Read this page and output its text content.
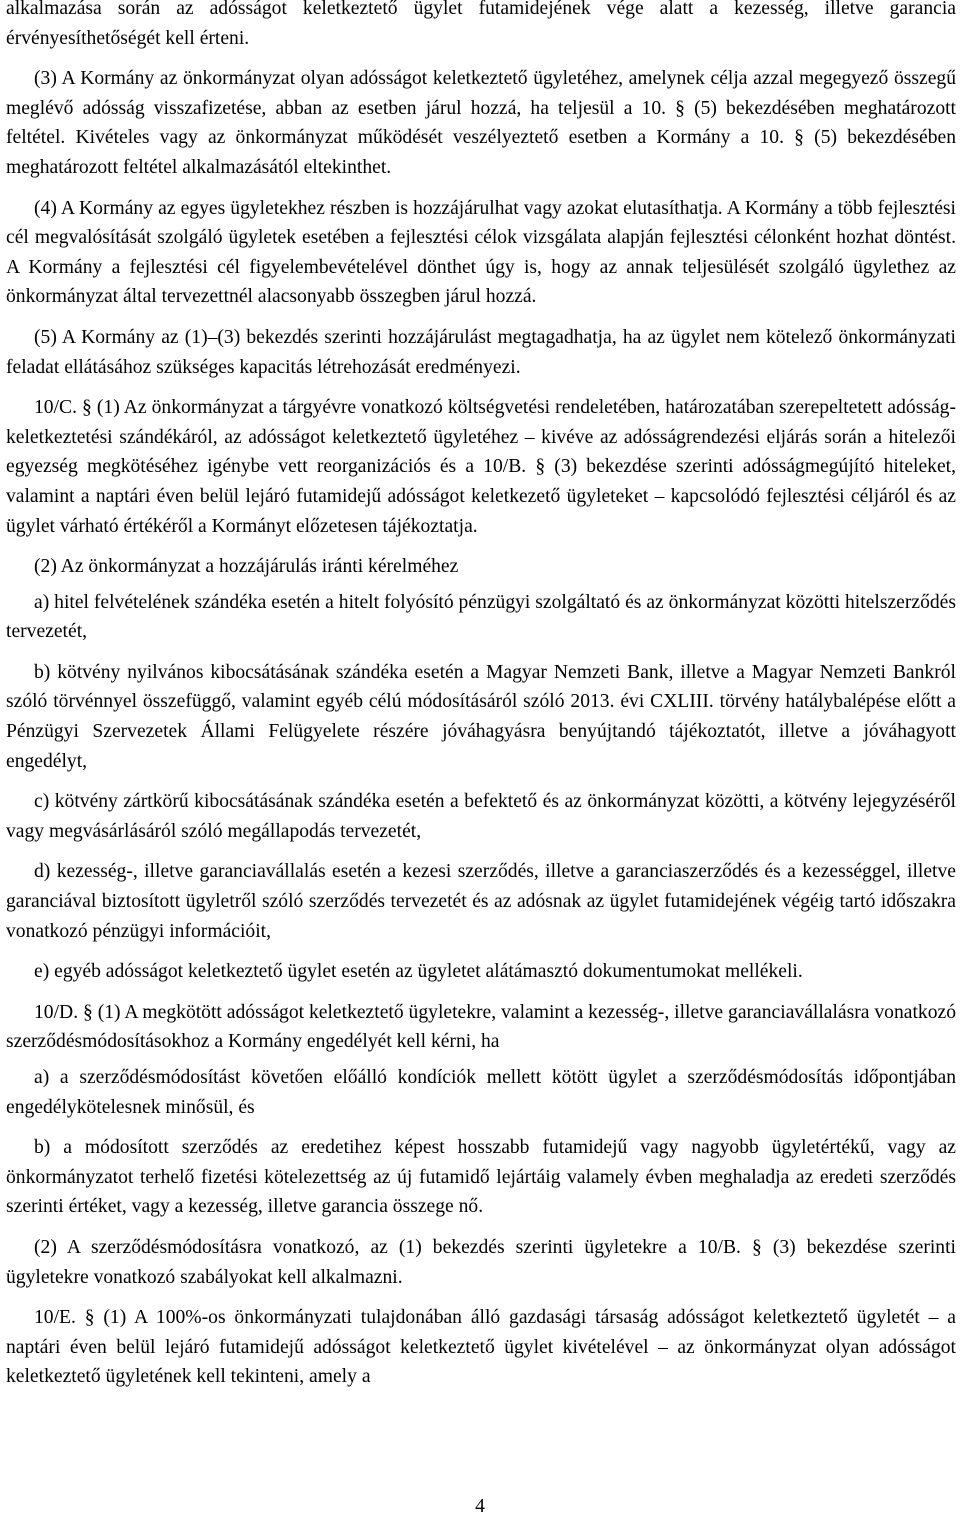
alkalmazása során az adósságot keletkeztető ügylet futamidejének vége alatt a kezesség, illetve garancia érvényesíthetőségét kell érteni.

(3) A Kormány az önkormányzat olyan adósságot keletkeztető ügyletéhez, amelynek célja azzal megegyező összegű meglévő adósság visszafizetése, abban az esetben járul hozzá, ha teljesül a 10. § (5) bekezdésében meghatározott feltétel. Kivételes vagy az önkormányzat működését veszélyeztető esetben a Kormány a 10. § (5) bekezdésében meghatározott feltétel alkalmazásától eltekinthet.

(4) A Kormány az egyes ügyletekhez részben is hozzájárulhat vagy azokat elutasíthatja. A Kormány a több fejlesztési cél megvalósítását szolgáló ügyletek esetében a fejlesztési célok vizsgálata alapján fejlesztési célonként hozhat döntést. A Kormány a fejlesztési cél figyelembevételével dönthet úgy is, hogy az annak teljesülését szolgáló ügylethez az önkormányzat által tervezettnél alacsonyabb összegben járul hozzá.

(5) A Kormány az (1)–(3) bekezdés szerinti hozzájárulást megtagadhatja, ha az ügylet nem kötelező önkormányzati feladat ellátásához szükséges kapacitás létrehozását eredményezi.

10/C. § (1) Az önkormányzat a tárgyévre vonatkozó költségvetési rendeletében, határozatában szerepeltetett adósság-keletkeztetési szándékáról, az adósságot keletkeztető ügyletéhez – kivéve az adósságrendezési eljárás során a hitelezői egyezség megkötéséhez igénybe vett reorganizációs és a 10/B. § (3) bekezdése szerinti adósságmegújító hiteleket, valamint a naptári éven belül lejáró futamidejű adósságot keletkezető ügyleteket – kapcsolódó fejlesztési céljáról és az ügylet várható értékéről a Kormányt előzetesen tájékoztatja.

(2) Az önkormányzat a hozzájárulás iránti kérelméhez

a) hitel felvételének szándéka esetén a hitelt folyósító pénzügyi szolgáltató és az önkormányzat közötti hitelszerződés tervezetét,

b) kötvény nyilvános kibocsátásának szándéka esetén a Magyar Nemzeti Bank, illetve a Magyar Nemzeti Bankról szóló törvénnyel összefüggő, valamint egyéb célú módosításáról szóló 2013. évi CXLIII. törvény hatálybalépése előtt a Pénzügyi Szervezetek Állami Felügyelete részére jóváhagyásra benyújtandó tájékoztatót, illetve a jóváhagyott engedélyt,

c) kötvény zártkörű kibocsátásának szándéka esetén a befektető és az önkormányzat közötti, a kötvény lejegyzéséről vagy megvásárlásáról szóló megállapodás tervezetét,

d) kezesség-, illetve garanciavállalás esetén a kezesi szerződés, illetve a garanciaszerződés és a kezességgel, illetve garanciával biztosított ügyletről szóló szerződés tervezetét és az adósnak az ügylet futamidejének végéig tartó időszakra vonatkozó pénzügyi információit,

e) egyéb adósságot keletkeztető ügylet esetén az ügyletet alátámasztó dokumentumokat mellékeli.

10/D. § (1) A megkötött adósságot keletkeztető ügyletekre, valamint a kezesség-, illetve garanciavállalásra vonatkozó szerződésmódosításokhoz a Kormány engedélyét kell kérni, ha

a) a szerződésmódosítást követően előálló kondíciók mellett kötött ügylet a szerződésmódosítás időpontjában engedélykötelesnek minősül, és

b) a módosított szerződés az eredetihez képest hosszabb futamidejű vagy nagyobb ügyletértékű, vagy az önkormányzatot terhelő fizetési kötelezettség az új futamidő lejártáig valamely évben meghaladja az eredeti szerződés szerinti értéket, vagy a kezesség, illetve garancia összege nő.

(2) A szerződésmódosításra vonatkozó, az (1) bekezdés szerinti ügyletekre a 10/B. § (3) bekezdése szerinti ügyletekre vonatkozó szabályokat kell alkalmazni.

10/E. § (1) A 100%-os önkormányzati tulajdonában álló gazdasági társaság adósságot keletkeztető ügyletét – a naptári éven belül lejáró futamidejű adósságot keletkeztető ügylet kivételével – az önkormányzat olyan adósságot keletkeztető ügyletének kell tekinteni, amely a

4
